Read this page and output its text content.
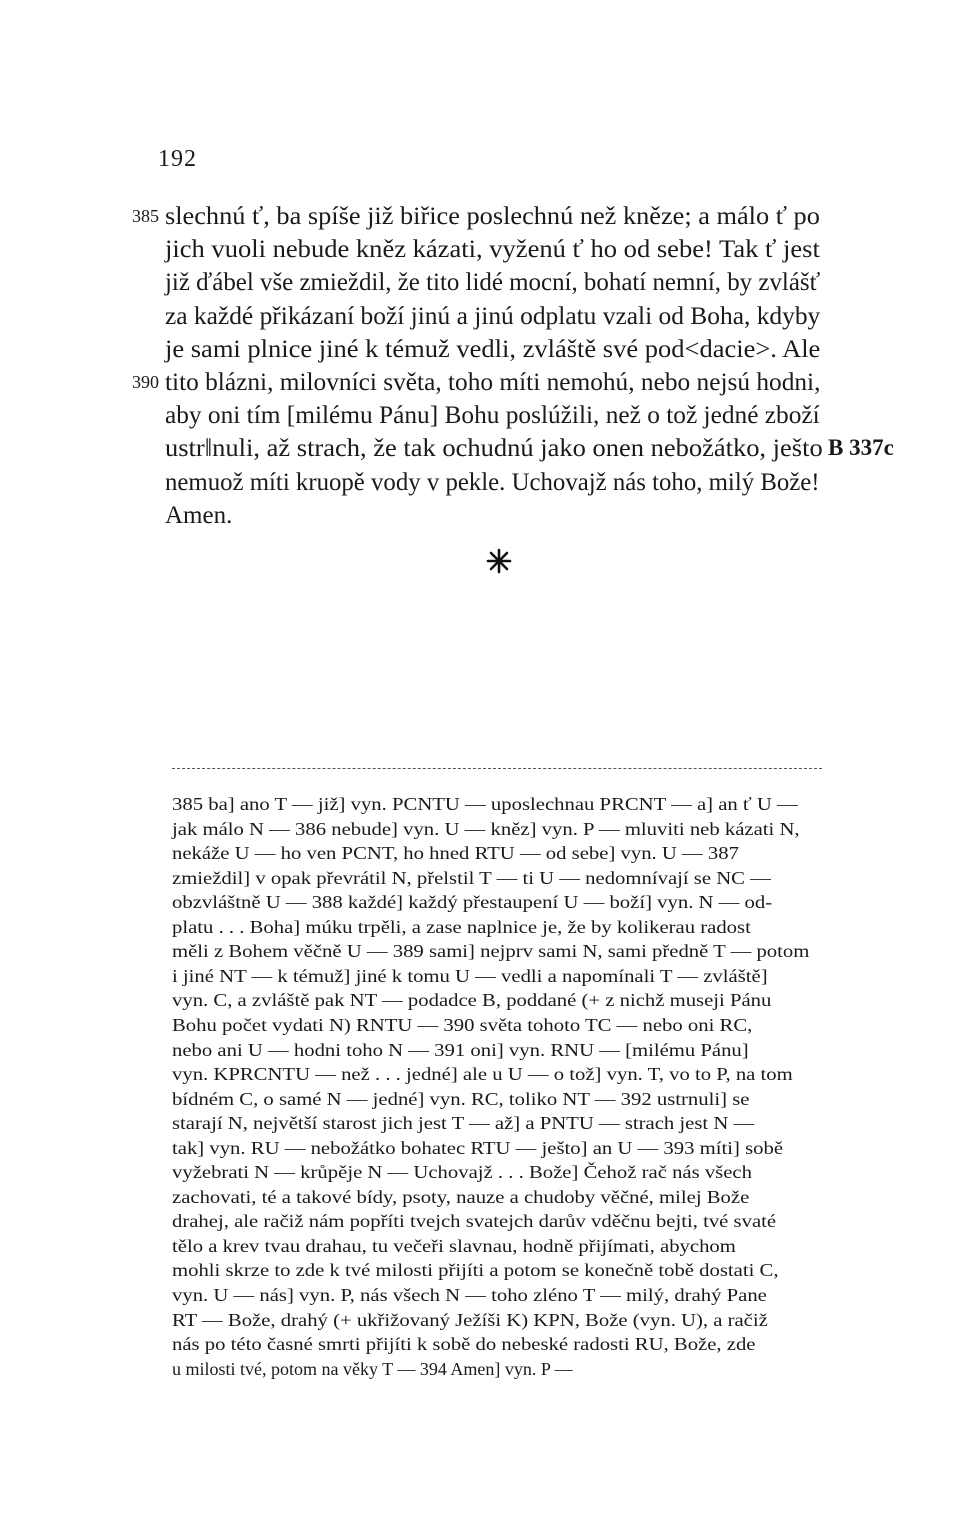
192
385 slechnú ť, ba spíše již biřice poslechnú než kněze; a málo ť po
jich vuoli nebude kněz kázati, vyženú ť ho od sebe! Tak ť jest
již ďábel vše zmieždil, že tito lidé mocní, bohatí nemní, by zvlášť
za každé přikázaní boží jinú a jinú odplatu vzali od Boha, kdyby
je sami plnice jiné k témuž vedli, zvláště své pod<dacie>. Ale
390 tito blázni, milovníci světa, toho míti nemohú, nebo nejsú hodni,
aby oni tím [milému Pánu] Bohu poslúžili, než o tož jedné zboží
ustr‖nuli, až strach, že tak ochudnú jako onen nebožátko, ješto
nemuož míti kruopě vody v pekle. Uchovajž nás toho, milý Bože!
Amen.
B 337c
385 ba] ano T — již] vyn. PCNTU — uposlechnau PRCNT — a] an ť U —
jak málo N — 386 nebude] vyn. U — kněz] vyn. P — mluviti neb kázati N,
nekáže U — ho ven PCNT, ho hned RTU — od sebe] vyn. U — 387
zmieždil] v opak převrátil N, přelstil T — ti U — nedomnívají se NC —
obzvláštně U — 388 každé] každý přestaupení U — boží] vyn. N — od-
platu . . . Boha] múku trpěli, a zase naplnice je, že by kolikerau radost
měli z Bohem věčně U — 389 sami] nejprv sami N, sami předně T — potom
i jiné NT — k témuž] jiné k tomu U — vedli a napomínali T — zvláště]
vyn. C, a zvláště pak NT — podadce B, poddané (+ z nichž museji Pánu
Bohu počet vydati N) RNTU — 390 světa tohoto TC — nebo oni RC,
nebo ani U — hodni toho N — 391 oni] vyn. RNU — [milému Pánu]
vyn. KPRCNTU — než . . . jedné] ale u U — o tož] vyn. T, vo to P, na tom
bídném C, o samé N — jedné] vyn. RC, toliko NT — 392 ustrnuli] se
starají N, největší starost jich jest T — až] a PNTU — strach jest N —
tak] vyn. RU — nebožátko bohatec RTU — ješto] an U — 393 míti] sobě
vyžebrati N — krůpěje N — Uchovajž . . . Bože] Čehož rač nás všech
zachovati, té a takové bídy, psoty, nauze a chudoby věčné, milej Bože
drahej, ale račiž nám popříti tvejch svatejch darův vděčnu bejti, tvé svaté
tělo a krev tvau drahau, tu večeři slavnau, hodně přijímati, abychom
mohli skrze to zde k tvé milosti přijíti a potom se konečně tobě dostati C,
vyn. U — nás] vyn. P, nás všech N — toho zléno T — milý, drahý Pane
RT — Bože, drahý (+ ukřižovaný Ježíši K) KPN, Bože (vyn. U), a račiž
nás po této časné smrti přijíti k sobě do nebeské radosti RU, Bože, zde
u milosti tvé, potom na věky T — 394 Amen] vyn. P —
